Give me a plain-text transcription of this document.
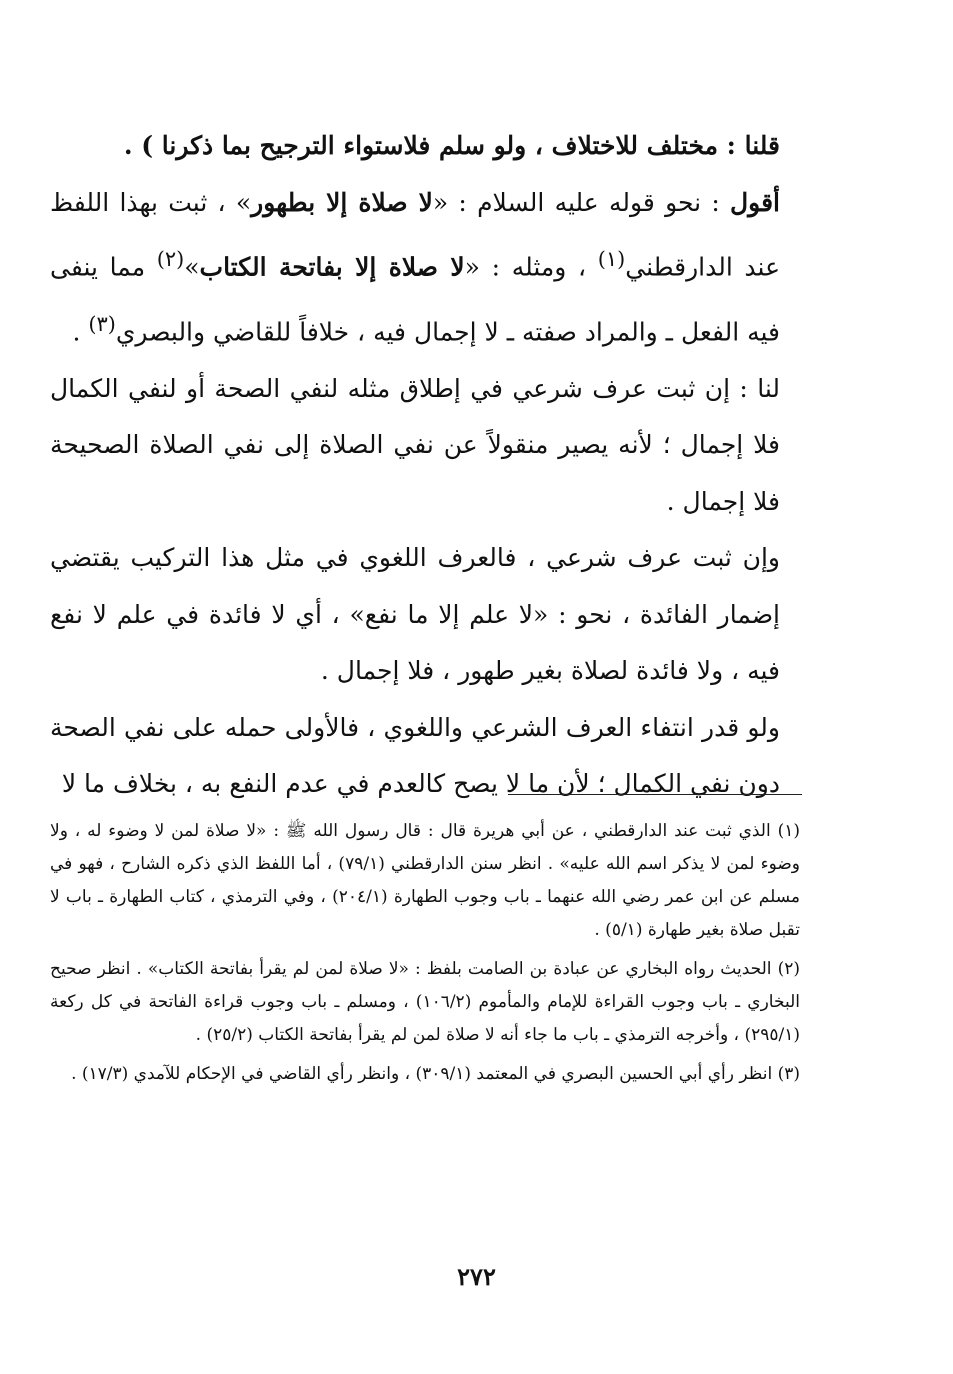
قلنا : مختلف للاختلاف ، ولو سلم فلاستواء الترجيح بما ذكرنا ) .

أقول : نحو قوله عليه السلام : «لا صلاة إلا بطهور» ، ثبت بهذا اللفظ عند الدارقطني$^{(١)}$ ، ومثله : «لا صلاة إلا بفاتحة الكتاب»$^{(٢)}$ مما ينفى فيه الفعل ـ والمراد صفته ـ لا إجمال فيه ، خلافاً للقاضي والبصري$^{(٣)}$ .

لنا : إن ثبت عرف شرعي في إطلاق مثله لنفي الصحة أو لنفي الكمال فلا إجمال ؛ لأنه يصير منقولاً عن نفي الصلاة إلى نفي الصلاة الصحيحة فلا إجمال .

وإن ثبت عرف شرعي ، فالعرف اللغوي في مثل هذا التركيب يقتضي إضمار الفائدة ، نحو : «لا علم إلا ما نفع» ، أي لا فائدة في علم لا نفع فيه ، ولا فائدة لصلاة بغير طهور ، فلا إجمال .

ولو قدر انتفاء العرف الشرعي واللغوي ، فالأولى حمله على نفي الصحة دون نفي الكمال ؛ لأن ما لا يصح كالعدم في عدم النفع به ، بخلاف ما لا

(١) الذي ثبت عند الدارقطني ، عن أبي هريرة قال : قال رسول الله ﷺ : «لا صلاة لمن لا وضوء له ، ولا وضوء لمن لا يذكر اسم الله عليه» . انظر سنن الدارقطني (٧٩/١) ، أما اللفظ الذي ذكره الشارح ، فهو في مسلم عن ابن عمر رضي الله عنهما ـ باب وجوب الطهارة (٢٠٤/١) ، وفي الترمذي ، كتاب الطهارة ـ باب لا تقبل صلاة بغير طهارة (٥/١) .

(٢) الحديث رواه البخاري عن عبادة بن الصامت بلفظ : «لا صلاة لمن لم يقرأ بفاتحة الكتاب» . انظر صحيح البخاري ـ باب وجوب القراءة للإمام والمأموم (١٠٦/٢) ، ومسلم ـ باب وجوب قراءة الفاتحة في كل ركعة (٢٩٥/١) ، وأخرجه الترمذي ـ باب ما جاء أنه لا صلاة لمن لم يقرأ بفاتحة الكتاب (٢٥/٢) .

(٣) انظر رأي أبي الحسين البصري في المعتمد (٣٠٩/١) ، وانظر رأي القاضي في الإحكام للآمدي (١٧/٣) .

٢٧٢
